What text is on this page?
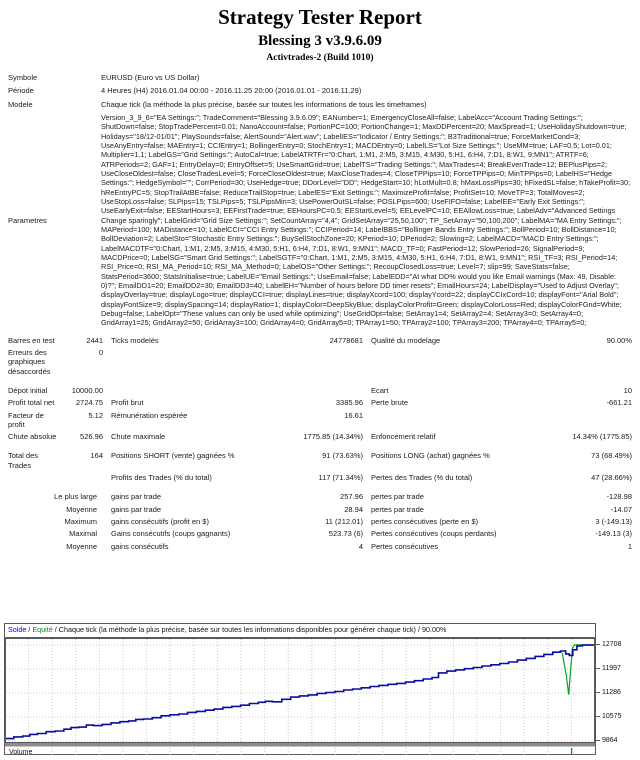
Strategy Tester Report
Blessing 3 v3.9.6.09
Activtrades-2 (Build 1010)
Symbole	EURUSD (Euro vs US Dollar)
Période	4 Heures (H4) 2016.01.04 00:00 - 2016.11.25 20:00 (2016.01.01 - 2016.11.29)
Modele	Chaque tick (la méthode la plus précise, basée sur toutes les informations de tous les timeframes)
Parametres	Version_3_9_6="EA Settings:"; TradeComment="Blessing 3.9.6.09"; EANumber=1; EmergencyCloseAll=false; LabelAcc="Account Trading Settings:"; ShutDown=false; StopTradePercent=0.01; NanoAccount=false; PortionPC=100; PortionChange=1; MaxDDPercent=20; MaxSpread=1; UseHolidayShutdown=true; Holidays="18/12-01/01"; PlaySounds=false; AlertSound="Alert.wav"; LabelIES="Indicator / Entry Settings:"; B3Traditional=true; ForceMarketCond=3; UseAnyEntry=false; MAEntry=1; CCIEntry=1; BollingerEntry=0; StochEntry=1; MACDEntry=0; LabelLS="Lot Size Settings:"; UseMM=true; LAF=0.5; Lot=0.01; Multiplier=1.1; LabelGS="Grid Settings:"; AutoCal=true; LabelATRTFr="0:Chart, 1:M1, 2:M5, 3:M15, 4:M30, 5:H1, 6:H4, 7:D1, 8:W1, 9:MN1"; ATRTF=6; ATRPeriods=2; GAF=1; EntryDelay=0; EntryOffset=5; UseSmartGrid=true; LabelTS="Trading Settings:"; MaxTrades=4; BreakEvenTrade=12; BEPlusPips=2; UseCloseOldest=false; CloseTradesLevel=5; ForceCloseOldest=true; MaxCloseTrades=4; CloseTPPips=10; ForceTPPips=0; MinTPPips=0; LabelHS="Hedge Settings:"; HedgeSymbol=""; CorrPeriod=30; UseHedge=true; DDorLevel="DD"; HedgeStart=10; hLotMult=0.8; hMaxLossPips=30; hFixedSL=false; hTakeProfit=30; hReEntryPC=5; StopTrailAtBE=false; ReduceTrailStop=true; LabelES="Exit Settings:"; MaximizeProfit=false; ProfitSet=10; MoveTP=3; TotalMoves=2; UseStopLoss=false; SLPips=15; TSLPips=5; TSLPipsMin=3; UsePowerOutSL=false; POSLPips=600; UseFIFO=false; LabelEE="Early Exit Settings:"; UseEarlyExit=false; EEStartHours=3; EEFirstTrade=true; EEHoursPC=0.5; EEStartLevel=5; EELevelPC=10; EEAllowLoss=true; LabelAdv="Advanced Settings Change sparingly"; LabelGrid="Grid Size Settings:"; SetCountArray="4,4"; GridSetArray="25,50,100"; TP_SetArray="50,100,200"; LabelMA="MA Entry Settings:"; MAPeriod=100; MADistance=10; LabelCCI="CCI Entry Settings:"; CCIPeriod=14; LabelBBS="Bollinger Bands Entry Settings:"; BollPeriod=10; BollDistance=10; BollDeviation=2; LabelSto="Stochastic Entry Settings:"; BuySellStochZone=20; KPeriod=10; DPeriod=2; Slowing=2; LabelMACD="MACD Entry Settings:"; LabelMACDTF="0:Chart, 1:M1, 2:M5, 3:M15, 4:M30, 5:H1, 6:H4, 7:D1, 8:W1, 9:MN1"; MACD_TF=0; FastPeriod=12; SlowPeriod=26; SignalPeriod=9; MACDPrice=0; LabelSG="Smart Grid Settings:"; LabelSGTF="0:Chart, 1:M1, 2:M5, 3:M15, 4:M30, 5:H1, 6:H4, 7:D1, 8:W1, 9:MN1"; RSI_TF=3; RSI_Period=14; RSI_Price=0; RSI_MA_Period=10; RSI_MA_Method=0; LabelOS="Other Settings:"; RecoupClosedLoss=true; Level=7; slip=99; SaveStats=false; StatsPeriod=3600; StatsInitialise=true; LabelUE="Email Settings:"; UseEmail=false; LabelEDD="At what DD% would you like Email warnings (Max: 49, Disable: 0)?"; EmailDD1=20; EmailDD2=30; EmailDD3=40; LabelEH="Number of hours before DD timer resets"; EmailHours=24; LabelDisplay="Used to Adjust Overlay"; displayOverlay=true; displayLogo=true; displayCCI=true; displayLines=true; displayXcord=100; displayYcord=22; displayCCIxCord=10; displayFont="Arial Bold"; displayFontSize=9; displaySpacing=14; displayRatio=1; displayColor=DeepSkyBlue; displayColorProfit=Green; displayColorLoss=Red; displayColorFGnd=White; Debug=false; LabelOpt="These values can only be used while optimizing"; UseGridOpt=false; SetArray1=4; SetArray2=4; SetArray3=0; SetArray4=0; GridArray1=25; GridArray2=50; GridArray3=100; GridArray4=0; GridArray5=0; TPArray1=50; TPArray2=100; TPArray3=200; TPArray4=0; TPArray5=0;
Barres en test	2441	Ticks modelés	24778681	Qualité du modelage	90.00%
Erreurs des graphiques désaccordés	0				

Dépot initial	10000.00			Ecart	10
Profit total net	2724.75	Profit brut	3385.96	Perte brute	-661.21
Facteur de profit	5.12	Rémunération espérée	16.61		
Chute absolue	526.96	Chute maximale	1775.85 (14.34%)	Enfoncement relatif	14.34% (1775.85)

Total des Trades	164	Positions SHORT (vente) gagnées %	91 (73.63%)	Positions LONG (achat) gagnées %	73 (68.49%)
		Profits des Trades (% du total)	117 (71.34%)	Pertes des Trades (% du total)	47 (28.66%)

Le plus large		gains par trade	257.96	pertes par trade	-128.98
Moyenne		gains par trade	28.94	pertes par trade	-14.07
Maximum		gains consécutifs (profit en $)	11 (212.01)	pertes consécutives (perte en $)	3 (-149.13)
Maximal		Gains consécutifs (coups gagnants)	523.73 (6)	Pertes consécutives (coups perdants)	-149.13 (3)
Moyenne		gains consécutifs	4	Pertes consécutives	1
Solde / Equité / Chaque tick (la méthode la plus précise, basée sur toutes les informations disponibles pour générer chaque tick) / 90.00%
Volume
12708
11997
11286
10575
9864
